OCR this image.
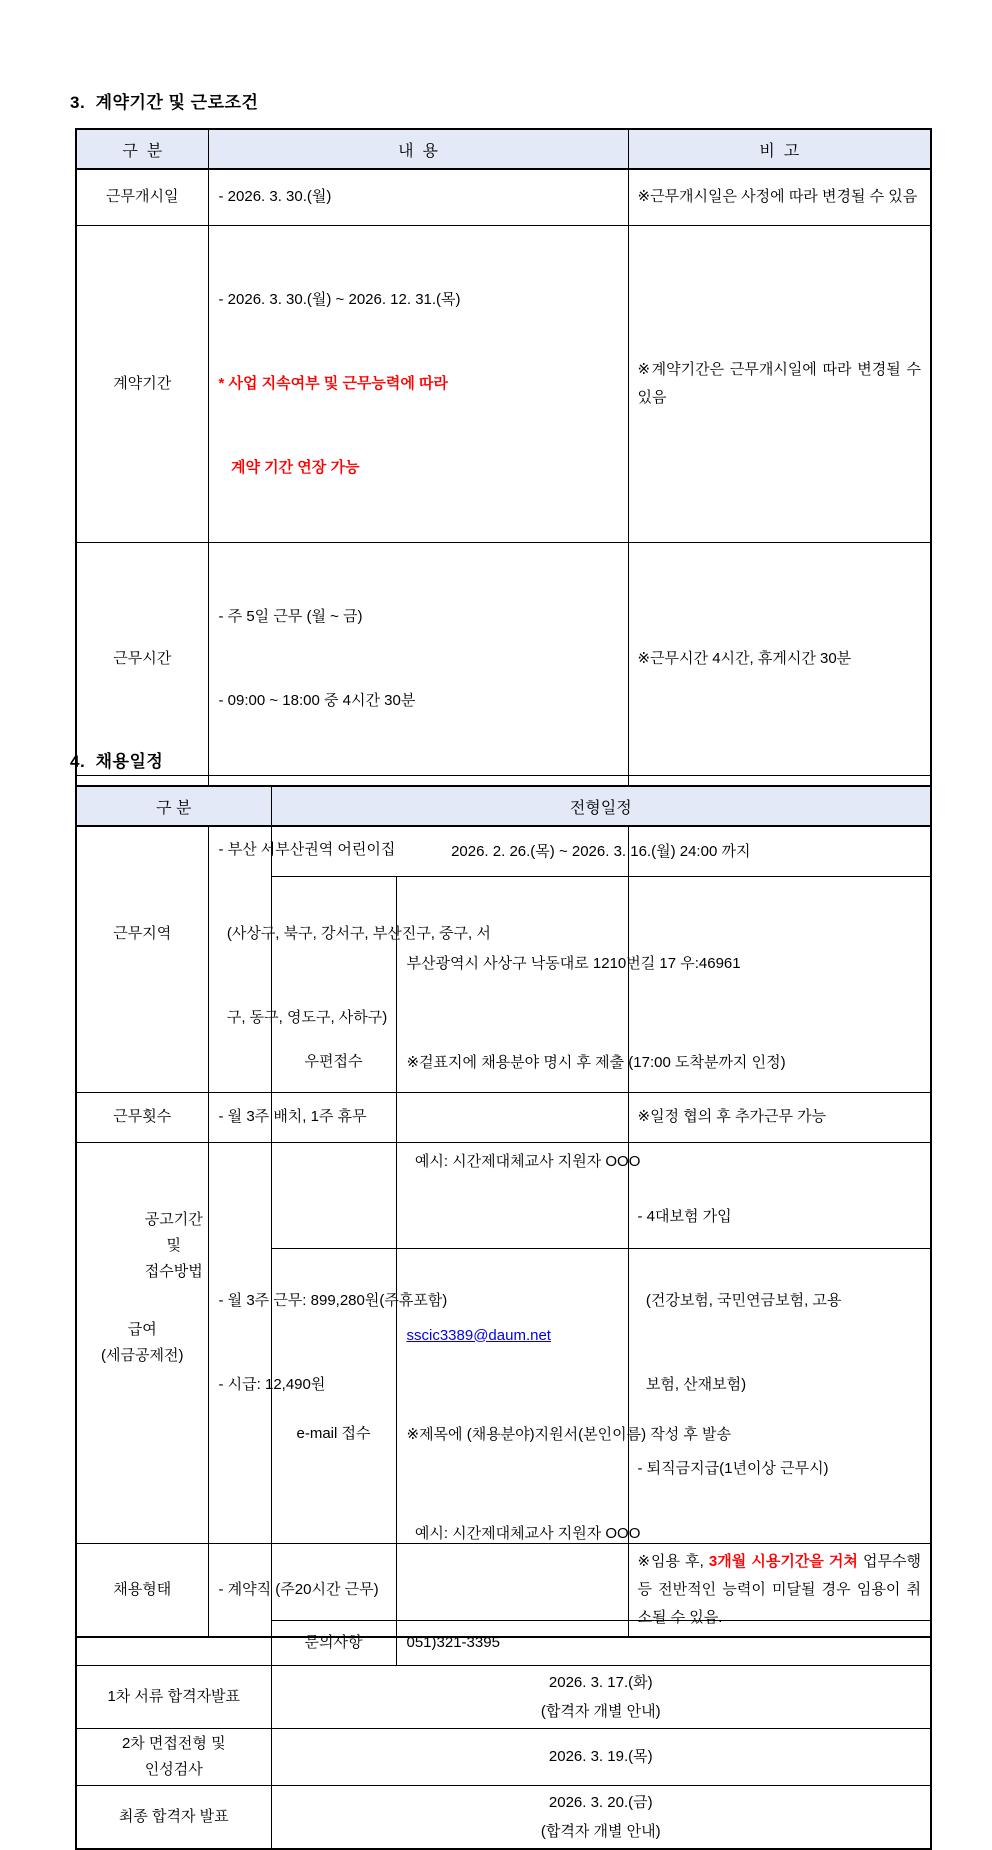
3.  계약기간 및 근로조건
구  분	내  용	비  고
근무개시일	- 2026. 3. 30.(월)	※근무개시일은 사정에 따라 변경될 수 있음
계약기간	- 2026. 3. 30.(월) ~ 2026. 12. 31.(목)

* 사업 지속여부 및 근무능력에 따라

계약 기간 연장 가능	※계약기간은 근무개시일에 따라 변경될 수 있음
근무시간	- 주 5일 근무 (월 ~ 금)

- 09:00 ~ 18:00 중 4시간 30분	※근무시간 4시간, 휴게시간 30분
근무지역	- 부산 서부산권역 어린이집

(사상구, 북구, 강서구, 부산진구, 중구, 서

구, 동구, 영도구, 사하구)	

근무횟수	- 월 3주 배치, 1주 휴무	※일정 협의 후 추가근무 가능
급여
(세금공제전)	

- 월 3주 근무: 899,280원(주휴포함)

- 시급: 12,490원

- 4대보험 가입

(건강보험, 국민연금보험, 고용

보험, 산재보험)

- 퇴직금지급(1년이상 근무시)

채용형태	- 계약직 (주20시간 근무)	※임용 후, 3개월 시용기간을 거쳐 업무수행 등 전반적인 능력이 미달될 경우 임용이 취소될 수 있음.
4.  채용일정
구 분	전형일정	
공고기간
및
접수방법	2026. 2. 26.(목) ~ 2026. 3. 16.(월) 24:00 까지	
	우편접수	부산광역시 사상구 낙동대로 1210번길 17 우:46961

※겉표지에 채용분야 명시 후 제출 (17:00 도착분까지 인정)

예시: 시간제대체교사 지원자 OOO

	e-mail 접수	sscic3389@daum.net

※제목에 (채용분야)지원서(본인이름) 작성 후 발송

예시: 시간제대체교사 지원자 OOO

	문의사항	051)321-3395
1차 서류 합격자발표	2026. 3. 17.(화)
(합격자 개별 안내)	
2차 면접전형 및
인성검사	2026. 3. 19.(목)	
최종 합격자 발표	2026. 3. 20.(금)
(합격자 개별 안내)	
